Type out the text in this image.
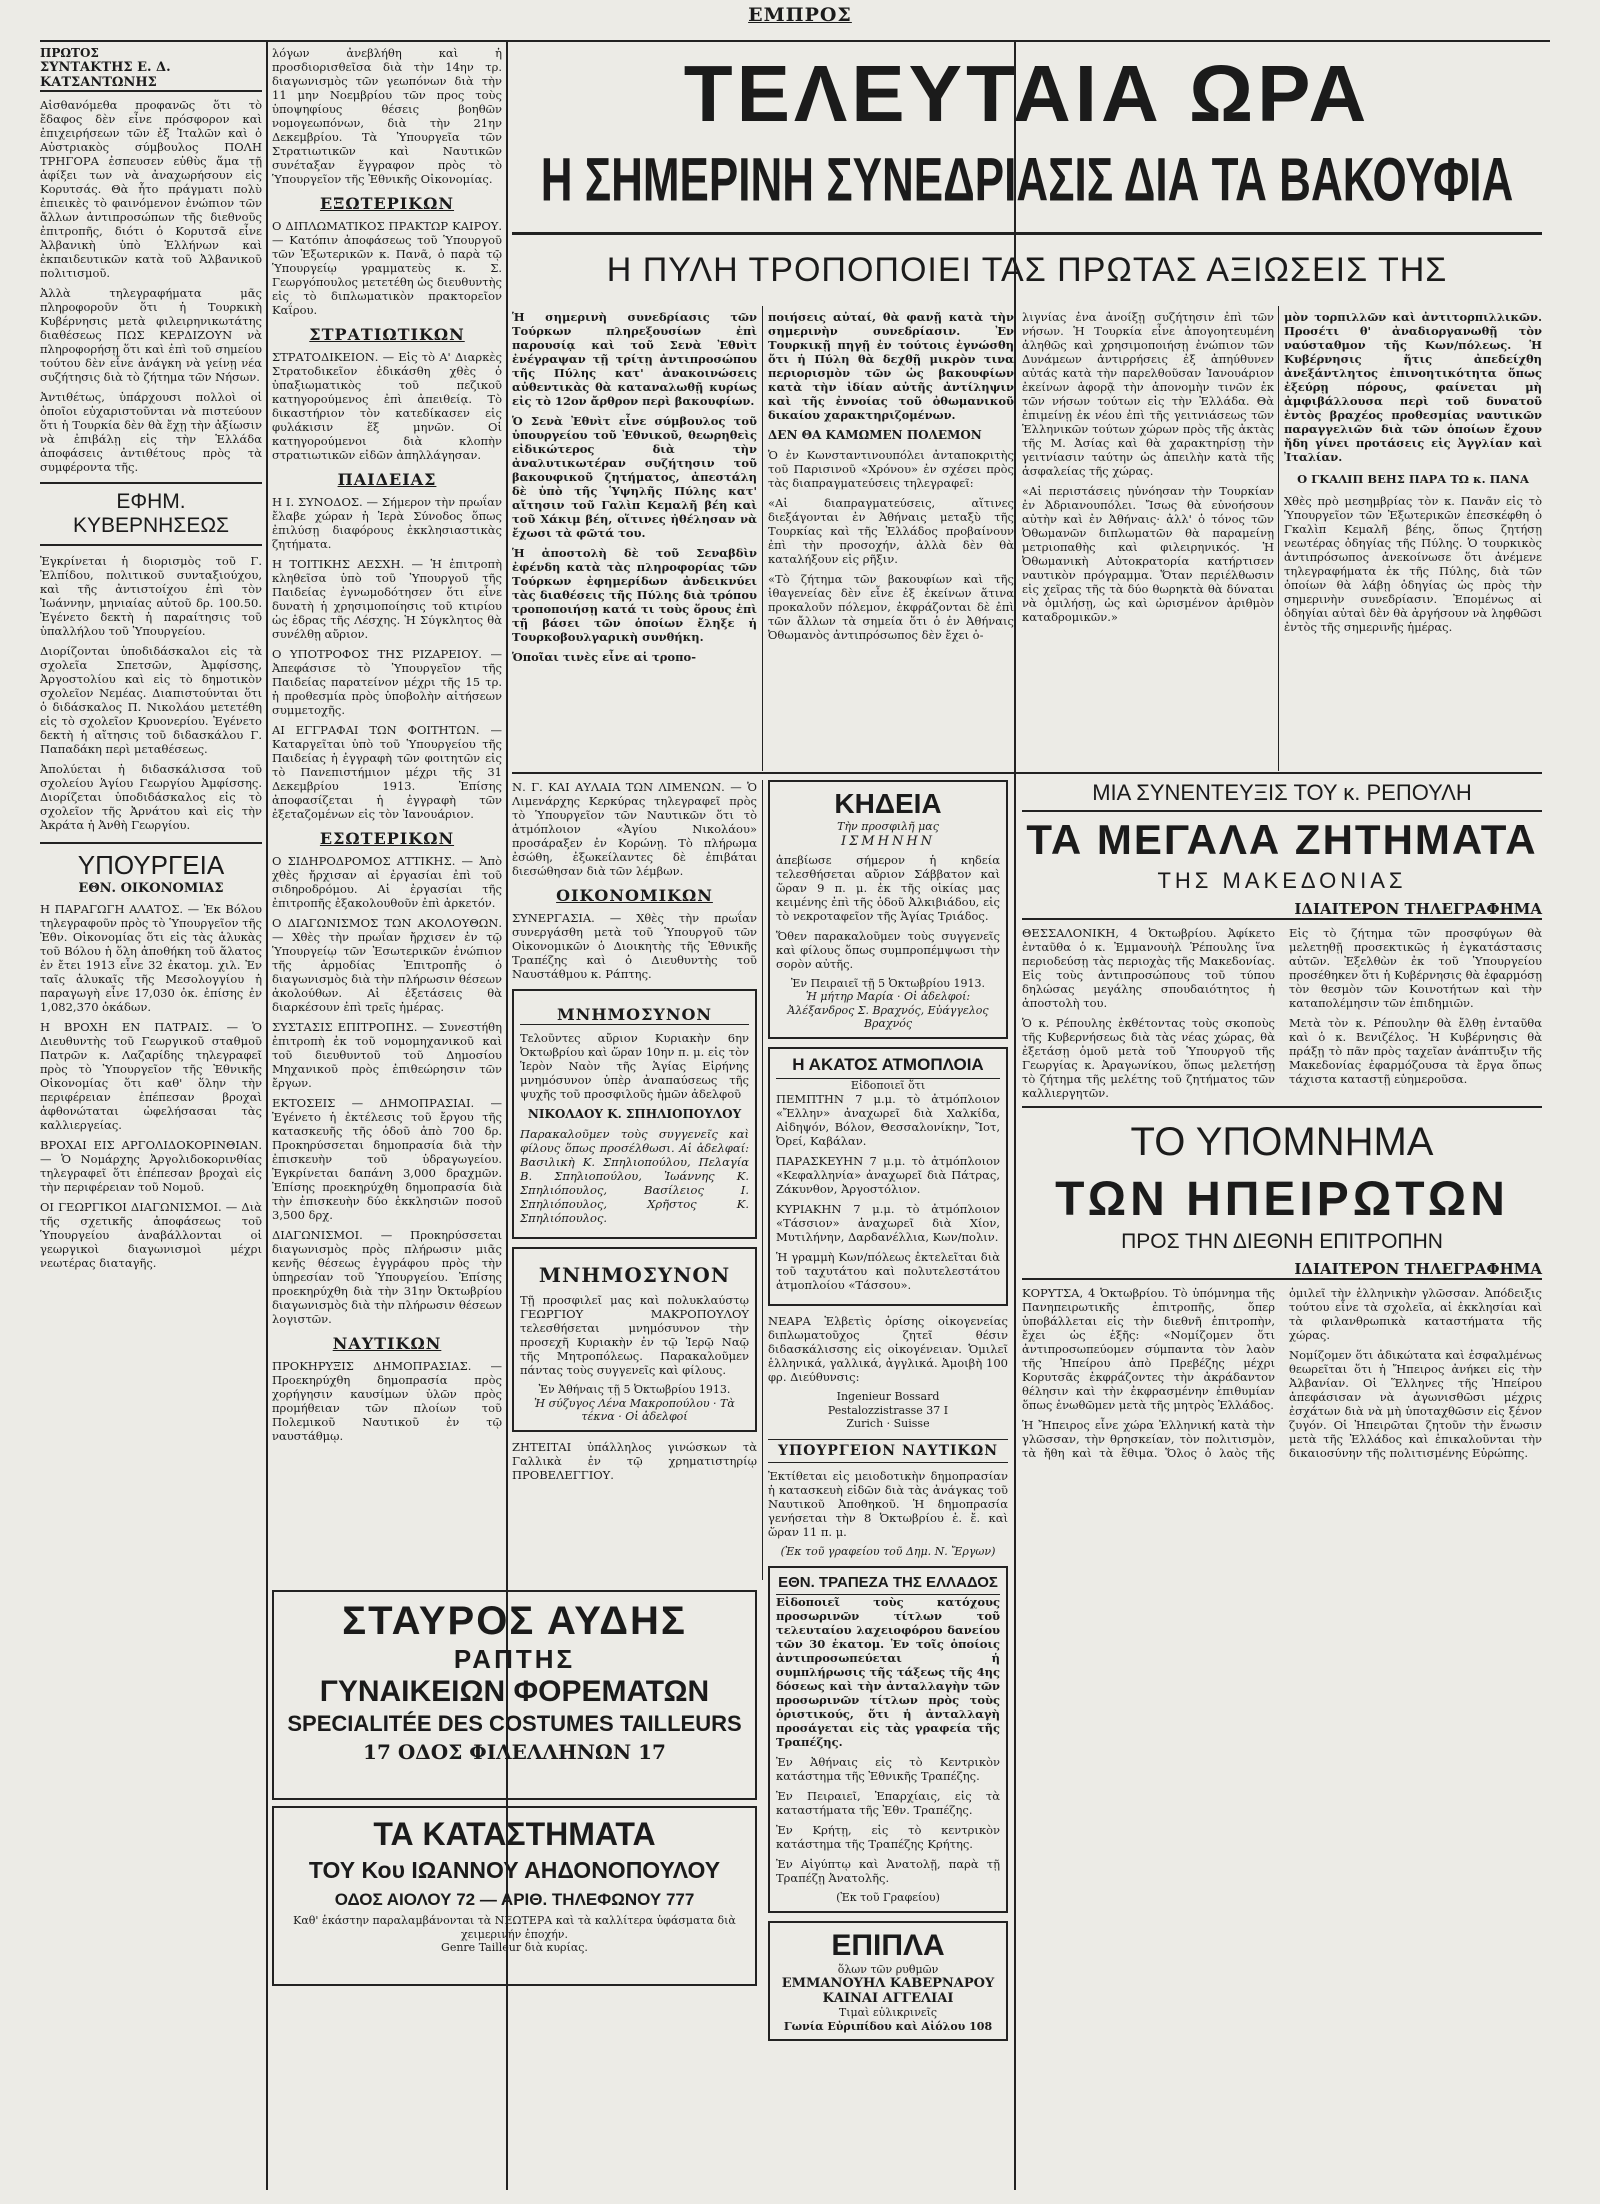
ΕΜΠΡΟΣ
ΠΡΩΤΟΣ
ΣΥΝΤΑΚΤΗΣ Ε. Δ. ΚΑΤΣΑΝΤΩΝΗΣ

Αἰσθανόμεθα προφανῶς ὅτι τὸ ἔδαφος δὲν εἶνε πρόσφορον καὶ ἐπιχειρήσεων τῶν ἐξ Ἰταλῶν καὶ ὁ Αὐστριακὸς σύμβουλος ΠΟΛΗ ΤΡΗΓΟΡΑ ἐσπευσεν εὐθὺς ἅμα τῇ ἀφίξει των νὰ ἀναχωρήσουν εἰς Κορυτσάς. Θὰ ἦτο πράγματι πολὺ ἐπιεικὲς τὸ φαινόμενον ἐνώπιον τῶν ἄλλων ἀντιπροσώπων τῆς διεθνοῦς ἐπιτροπῆς, διότι ὁ Κορυτσᾶ εἶνε Ἀλβανικὴ ὑπὸ Ἑλλήνων καὶ ἐκπαιδευτικῶν κατὰ τοῦ Ἀλβανικοῦ πολιτισμοῦ.

Ἀλλὰ τηλεγραφήματα μᾶς πληροφοροῦν ὅτι ἡ Τουρκικὴ Κυβέρνησις μετὰ φιλειρηνικωτάτης διαθέσεως ΠΩΣ ΚΕΡΔΙΖΟΥΝ νὰ πληροφορήσῃ ὅτι καὶ ἐπὶ τοῦ σημείου τούτου δὲν εἶνε ἀνάγκη νὰ γείνῃ νέα συζήτησις διὰ τὸ ζήτημα τῶν Νήσων.

Ἀντιθέτως, ὑπάρχουσι πολλοὶ οἱ ὁποῖοι εὐχαριστοῦνται νὰ πιστεύουν ὅτι ἡ Τουρκία δὲν θὰ ἔχῃ τὴν ἀξίωσιν νὰ ἐπιβάλῃ εἰς τὴν Ἑλλάδα ἀποφάσεις ἀντιθέτους πρὸς τὰ συμφέροντα τῆς.

ΕΦΗΜ. ΚΥΒΕΡΝΗΣΕΩΣ

Ἐγκρίνεται ἡ διορισμὸς τοῦ Γ. Ἐλπίδου, πολιτικοῦ συνταξιούχου, καὶ τῆς ἀντιστοίχου ἐπὶ τὸν Ἰωάννην, μηνιαίας αὐτοῦ δρ. 100.50. Ἐγένετο δεκτὴ ἡ παραίτησις τοῦ ὑπαλλήλου τοῦ Ὑπουργείου.

Διορίζονται ὑποδιδάσκαλοι εἰς τὰ σχολεῖα Σπετσῶν, Ἀμφίσσης, Ἀργοστολίου καὶ εἰς τὸ δημοτικὸν σχολεῖον Νεμέας. Διαπιστούνται ὅτι ὁ διδάσκαλος Π. Νικολάου μετετέθη εἰς τὸ σχολεῖον Κρυονερίου. Ἐγένετο δεκτὴ ἡ αἴτησις τοῦ διδασκάλου Γ. Παπαδάκη περὶ μεταθέσεως.

Ἀπολύεται ἡ διδασκάλισσα τοῦ σχολείου Ἁγίου Γεωργίου Ἀμφίσσης. Διορίζεται ὑποδιδάσκαλος εἰς τὸ σχολεῖον τῆς Ἀρνάτου καὶ εἰς τὴν Ἀκράτα ἡ Ἀνθὴ Γεωργίου.

ΥΠΟΥΡΓΕΙΑ
ΕΘΝ. ΟΙΚΟΝΟΜΙΑΣ

Η ΠΑΡΑΓΩΓΗ ΑΛΑΤΟΣ. — Ἐκ Βόλου τηλεγραφοῦν πρὸς τὸ Ὑπουργεῖον τῆς Ἐθν. Οἰκονομίας ὅτι εἰς τὰς ἁλυκὰς τοῦ Βόλου ἡ ὅλη ἀποθήκη τοῦ ἅλατος ἐν ἔτει 1913 εἶνε 32 ἐκατομ. χιλ. Ἐν ταῖς ἁλυκαῖς τῆς Μεσολογγίου ἡ παραγωγὴ εἶνε 17,030 ὀκ. ἐπίσης ἐν 1,082,370 ὀκάδων.

Η ΒΡΟΧΗ ΕΝ ΠΑΤΡΑΙΣ. — Ὁ Διευθυντὴς τοῦ Γεωργικοῦ σταθμοῦ Πατρῶν κ. Λαζαρίδης τηλεγραφεῖ πρὸς τὸ Ὑπουργεῖον τῆς Ἐθνικῆς Οἰκονομίας ὅτι καθ' ὅλην τὴν περιφέρειαν ἐπέπεσαν βροχαὶ ἀφθονώταται ὠφελήσασαι τὰς καλλιεργείας.

ΒΡΟΧΑΙ ΕΙΣ ΑΡΓΟΛΙΔΟΚΟΡΙΝΘΙΑΝ. — Ὁ Νομάρχης Ἀργολιδοκορινθίας τηλεγραφεῖ ὅτι ἐπέπεσαν βροχαὶ εἰς τὴν περιφέρειαν τοῦ Νομοῦ.

ΟΙ ΓΕΩΡΓΙΚΟΙ ΔΙΑΓΩΝΙΣΜΟΙ. — Διὰ τῆς σχετικῆς ἀποφάσεως τοῦ Ὑπουργείου ἀναβάλλονται οἱ γεωργικοὶ διαγωνισμοὶ μέχρι νεωτέρας διαταγῆς.

λόγων ἀνεβλήθη καὶ ἡ προσδιορισθεῖσα διὰ τὴν 14ην τρ. διαγωνισμὸς τῶν γεωπόνων διὰ τὴν 11 μην Νοεμβρίου τῶν προς τοὺς ὑποψηφίους θέσεις βοηθῶν νομογεωπόνων, διὰ τὴν 21ην Δεκεμβρίου. Τὰ Ὑπουργεῖα τῶν Στρατιωτικῶν καὶ Ναυτικῶν συνέταξαν ἔγγραφον πρὸς τὸ Ὑπουργεῖον τῆς Ἐθνικῆς Οἰκονομίας.

ΕΞΩΤΕΡΙΚΩΝ

Ο ΔΙΠΛΩΜΑΤΙΚΟΣ ΠΡΑΚΤΩΡ ΚΑΙΡΟΥ. — Κατόπιν ἀποφάσεως τοῦ Ὑπουργοῦ τῶν Ἐξωτερικῶν κ. Πανᾶ, ὁ παρὰ τῷ Ὑπουργείῳ γραμματεὺς κ. Σ. Γεωργόπουλος μετετέθη ὡς διευθυντὴς εἰς τὸ διπλωματικὸν πρακτορεῖον Καΐρου.

ΣΤΡΑΤΙΩΤΙΚΩΝ

ΣΤΡΑΤΟΔΙΚΕΙΟΝ. — Εἰς τὸ Α' Διαρκὲς Στρατοδικεῖον ἐδικάσθη χθὲς ὁ ὑπαξιωματικὸς τοῦ πεζικοῦ κατηγορούμενος ἐπὶ ἀπειθείᾳ. Τὸ δικαστήριον τὸν κατεδίκασεν εἰς φυλάκισιν ἕξ μηνῶν. Οἱ κατηγορούμενοι διὰ κλοπὴν στρατιωτικῶν εἰδῶν ἀπηλλάγησαν.

ΠΑΙΔΕΙΑΣ

Η Ι. ΣΥΝΟΔΟΣ. — Σήμερον τὴν πρωΐαν ἔλαβε χώραν ἡ Ἱερὰ Σύνοδος ὅπως ἐπιλύσῃ διαφόρους ἐκκλησιαστικὰς ζητήματα.

Η ΤΟΙΤΙΚΗΣ ΑΕΣΧΗ. — Ἡ ἐπιτροπὴ κληθεῖσα ὑπὸ τοῦ Ὑπουργοῦ τῆς Παιδείας ἐγνωμοδότησεν ὅτι εἶνε δυνατὴ ἡ χρησιμοποίησις τοῦ κτιρίου ὡς ἑδρας τῆς Λέσχης. Ἡ Σύγκλητος θὰ συνέλθῃ αὔριον.

Ο ΥΠΟΤΡΟΦΟΣ ΤΗΣ ΡΙΖΑΡΕΙΟΥ. — Ἀπεφάσισε τὸ Ὑπουργεῖον τῆς Παιδείας παρατείνον μέχρι τῆς 15 τρ. ἡ προθεσμία πρὸς ὑποβολὴν αἰτήσεων συμμετοχῆς.

ΑΙ ΕΓΓΡΑΦΑΙ ΤΩΝ ΦΟΙΤΗΤΩΝ. — Καταργεῖται ὑπὸ τοῦ Ὑπουργείου τῆς Παιδείας ἡ ἐγγραφὴ τῶν φοιτητῶν εἰς τὸ Πανεπιστήμιον μέχρι τῆς 31 Δεκεμβρίου 1913. Ἐπίσης ἀποφασίζεται ἡ ἐγγραφὴ τῶν ἐξεταζομένων εἰς τὸν Ἰανουάριον.

ΕΣΩΤΕΡΙΚΩΝ

Ο ΣΙΔΗΡΟΔΡΟΜΟΣ ΑΤΤΙΚΗΣ. — Ἀπὸ χθὲς ἤρχισαν αἱ ἐργασίαι ἐπὶ τοῦ σιδηροδρόμου. Αἱ ἐργασίαι τῆς ἐπιτροπῆς ἐξακολουθοῦν ἐπὶ ἀρκετόν.

Ο ΔΙΑΓΩΝΙΣΜΟΣ ΤΩΝ ΑΚΟΛΟΥΘΩΝ. — Χθὲς τὴν πρωΐαν ἤρχισεν ἐν τῷ Ὑπουργείῳ τῶν Ἐσωτερικῶν ἐνώπιον τῆς ἀρμοδίας Ἐπιτροπῆς ὁ διαγωνισμὸς διὰ τὴν πλήρωσιν θέσεων ἀκολούθων. Αἱ ἐξετάσεις θὰ διαρκέσουν ἐπὶ τρεῖς ἡμέρας.

ΣΥΣΤΑΣΙΣ ΕΠΙΤΡΟΠΗΣ. — Συνεστήθη ἐπιτροπὴ ἐκ τοῦ νομομηχανικοῦ καὶ τοῦ διευθυντοῦ τοῦ Δημοσίου Μηχανικοῦ πρὸς ἐπιθεώρησιν τῶν ἔργων.

ΕΚΤΟΣΕΙΣ — ΔΗΜΟΠΡΑΣΙΑΙ. — Ἐγένετο ἡ ἐκτέλεσις τοῦ ἔργου τῆς κατασκευῆς τῆς ὁδοῦ ἀπὸ 700 δρ. Προκηρύσσεται δημοπρασία διὰ τὴν ἐπισκευὴν τοῦ ὑδραγωγείου. Ἐγκρίνεται δαπάνη 3,000 δραχμῶν. Ἐπίσης προεκηρύχθη δημοπρασία διὰ τὴν ἐπισκευὴν δύο ἐκκλησιῶν ποσοῦ 3,500 δρχ.

ΔΙΑΓΩΝΙΣΜΟΙ. — Προκηρύσσεται διαγωνισμὸς πρὸς πλήρωσιν μιᾶς κενῆς θέσεως ἐγγράφου πρὸς τὴν ὑπηρεσίαν τοῦ Ὑπουργείου. Ἐπίσης προεκηρύχθη διὰ τὴν 31ην Ὀκτωβρίου διαγωνισμὸς διὰ τὴν πλήρωσιν θέσεων λογιστῶν.

ΝΑΥΤΙΚΩΝ

ΠΡΟΚΗΡΥΞΙΣ ΔΗΜΟΠΡΑΣΙΑΣ. — Προεκηρύχθη δημοπρασία πρὸς χορήγησιν καυσίμων ὑλῶν πρὸς προμήθειαν τῶν πλοίων τοῦ Πολεμικοῦ Ναυτικοῦ ἐν τῷ ναυστάθμῳ.

ΤΕΛΕΥΤΑΙΑ ΩΡΑ
Η ΣΗΜΕΡΙΝΗ ΣΥΝΕΔΡΙΑΣΙΣ ΔΙΑ ΤΑ ΒΑΚΟΥΦΙΑ
Η ΠΥΛΗ ΤΡΟΠΟΠΟΙΕΙ ΤΑΣ ΠΡΩΤΑΣ ΑΞΙΩΣΕΙΣ ΤΗΣ

Ἡ σημερινὴ συνεδρίασις τῶν Τούρκων πληρεξουσίων ἐπὶ παρουσίᾳ καὶ τοῦ Σενὰ Ἐθνὶτ ἐνέγραψαν τῇ τρίτῃ ἀντιπροσώπου τῆς Πύλης κατ' ἀνακοινώσεις αὐθεντικὰς θὰ καταναλωθῇ κυρίως εἰς τὸ 12ον ἄρθρον περὶ βακουφίων.

Ὁ Σενὰ Ἐθνὶτ εἶνε σύμβουλος τοῦ ὑπουργείου τοῦ Ἐθνικοῦ, θεωρηθεὶς εἰδικώτερος διὰ τὴν ἀναλυτικωτέραν συζήτησιν τοῦ βακουφικοῦ ζητήματος, ἀπεστάλη δὲ ὑπὸ τῆς Ὑψηλῆς Πύλης κατ' αἴτησιν τοῦ Γαλὶπ Κεμαλῆ βέη καὶ τοῦ Χάκιμ βέη, οἵτινες ἠθέλησαν νὰ ἔχωσι τὰ φῶτά του.

Ἡ ἀποστολὴ δὲ τοῦ Σεναβδὶν ἐφένδη κατὰ τὰς πληροφορίας τῶν Τούρκων ἐφημερίδων ἀνδεικνύει τὰς διαθέσεις τῆς Πύλης διὰ τρόπου τροποποιήσῃ κατά τι τοὺς ὅρους ἐπὶ τῇ βάσει τῶν ὁποίων ἔληξε ἡ Τουρκοβουλγαρικὴ συνθήκη.

Ὁποῖαι τινὲς εἶνε αἱ τροπο-

ποιήσεις αὐταί, θὰ φανῇ κατὰ τὴν σημερινὴν συνεδρίασιν. Ἐν Τουρκικῇ πηγῇ ἐν τούτοις ἐγνώσθη ὅτι ἡ Πύλη θὰ δεχθῇ μικρὸν τινα περιορισμὸν τῶν ὡς βακουφίων κατὰ τὴν ἰδίαν αὐτῆς ἀντίληψιν καὶ τῆς ἐννοίας τοῦ ὀθωμανικοῦ δικαίου χαρακτηριζομένων.

ΔΕΝ ΘΑ ΚΑΜΩΜΕΝ ΠΟΛΕΜΟΝ

Ὁ ἐν Κωνσταντινουπόλει ἀνταποκριτὴς τοῦ Παρισινοῦ «Χρόνου» ἐν σχέσει πρὸς τὰς διαπραγματεύσεις τηλεγραφεῖ:

«Αἱ διαπραγματεύσεις, αἵτινες διεξάγονται ἐν Ἀθήναις μεταξὺ τῆς Τουρκίας καὶ τῆς Ἑλλάδος προβαίνουν ἐπὶ τὴν προσοχήν, ἀλλὰ δὲν θὰ καταλήξουν εἰς ρῆξιν.

«Τὸ ζήτημα τῶν βακουφίων καὶ τῆς ἰθαγενείας δὲν εἶνε ἐξ ἐκείνων ἅτινα προκαλοῦν πόλεμον, ἐκφράζονται δὲ ἐπὶ τῶν ἄλλων τὰ σημεία ὅτι ὁ ἐν Ἀθήναις Ὀθωμανὸς ἀντιπρόσωπος δὲν ἔχει ὁ-

λιγνίας ἐνα ἀνοίξῃ συζήτησιν ἐπὶ τῶν νήσων. Ἡ Τουρκία εἶνε ἀπογοητευμένη ἀληθῶς καὶ χρησιμοποιήσῃ ἐνώπιον τῶν Δυνάμεων ἀντιρρήσεις ἐξ ἀπηύθυνεν αὐτάς κατὰ τὴν παρελθοῦσαν Ἰανουάριον ἐκείνων ἀφορᾷ τὴν ἀπονομὴν τινῶν ἐκ τῶν νήσων τούτων εἰς τὴν Ἑλλάδα. Θὰ ἐπιμείνῃ ἐκ νέου ἐπὶ τῆς γειτνιάσεως τῶν Ἑλληνικῶν τούτων χώρων πρὸς τῆς ἀκτὰς τῆς Μ. Ἀσίας καὶ θὰ χαρακτηρίσῃ τὴν γειτνίασιν ταύτην ὡς ἀπειλὴν κατὰ τῆς ἀσφαλείας τῆς χώρας.

«Αἱ περιστάσεις ηὐνόησαν τὴν Τουρκίαν ἐν Ἀδριανουπόλει. Ἴσως θὰ εὐνοήσουν αὐτὴν καὶ ἐν Ἀθήναις· ἀλλ' ὁ τόνος τῶν Ὀθωμανῶν διπλωματῶν θὰ παραμείνῃ μετριοπαθὴς καὶ φιλειρηνικός. Ἡ Ὀθωμανικὴ Αὐτοκρατορία κατήρτισεν ναυτικὸν πρόγραμμα. Ὅταν περιέλθωσιν εἰς χεῖρας τῆς τὰ δύο θωρηκτὰ θὰ δύναται νὰ ὁμιλήσῃ, ὡς καὶ ὡρισμένον ἀριθμὸν καταδρομικῶν.»

μὸν τορπιλλῶν καὶ ἀντιτορπιλλικῶν. Προσέτι θ' ἀναδιοργανωθῇ τὸν ναύσταθμον τῆς Κων/πόλεως. Ἡ Κυβέρνησις ἥτις ἀπεδείχθη ἀνεξάντλητος ἐπινοητικότητα ὅπως ἐξεύρῃ πόρους, φαίνεται μὴ ἀμφιβάλλουσα περὶ τοῦ δυνατοῦ ἐντὸς βραχέος προθεσμίας ναυτικῶν παραγγελιῶν διὰ τῶν ὁποίων ἔχουν ἤδη γίνει προτάσεις εἰς Ἀγγλίαν καὶ Ἰταλίαν.

Ο ΓΚΑΛΙΠ ΒΕΗΣ ΠΑΡΑ ΤΩ κ. ΠΑΝΑ

Χθὲς πρὸ μεσημβρίας τὸν κ. Πανᾶν εἰς τὸ Ὑπουργεῖον τῶν Ἐξωτερικῶν ἐπεσκέφθη ὁ Γκαλὶπ Κεμαλῆ βέης, ὅπως ζητήσῃ νεωτέρας ὁδηγίας τῆς Πύλης. Ὁ τουρκικὸς ἀντιπρόσωπος ἀνεκοίνωσε ὅτι ἀνέμενε τηλεγραφήματα ἐκ τῆς Πύλης, διὰ τῶν ὁποίων θὰ λάβῃ ὁδηγίας ὡς πρὸς τὴν σημερινὴν συνεδρίασιν. Ἐπομένως αἱ ὁδηγίαι αὐταὶ δὲν θὰ ἀργήσουν νὰ ληφθῶσι ἐντὸς τῆς σημερινῆς ἡμέρας.

Ν. Γ. ΚΑΙ ΑΥΛΑΙΑ ΤΩΝ ΛΙΜΕΝΩΝ. — Ὁ Λιμενάρχης Κερκύρας τηλεγραφεῖ πρὸς τὸ Ὑπουργεῖον τῶν Ναυτικῶν ὅτι τὸ ἀτμόπλοιον «Ἀγίου Νικολάου» προσάραξεν ἐν Κορώνῃ. Τὸ πλήρωμα ἐσώθη, ἐξωκείλαντες δὲ ἐπιβάται διεσώθησαν διὰ τῶν λέμβων.

ΟΙΚΟΝΟΜΙΚΩΝ

ΣΥΝΕΡΓΑΣΙΑ. — Χθὲς τὴν πρωΐαν συνεργάσθη μετὰ τοῦ Ὑπουργοῦ τῶν Οἰκονομικῶν ὁ Διοικητὴς τῆς Ἐθνικῆς Τραπέζης καὶ ὁ Διευθυντὴς τοῦ Ναυστάθμου κ. Ράπτης.

ΜΝΗΜΟΣΥΝΟΝ

Τελοῦντες αὔριον Κυριακὴν 6ην Ὀκτωβρίου καὶ ὥραν 10ην π. μ. εἰς τὸν Ἱερὸν Ναὸν τῆς Ἁγίας Εἰρήνης μνημόσυνον ὑπὲρ ἀναπαύσεως τῆς ψυχῆς τοῦ προσφιλοῦς ἡμῶν ἀδελφοῦ

ΝΙΚΟΛΑΟΥ Κ. ΣΠΗΛΙΟΠΟΥΛΟΥ

Παρακαλοῦμεν τοὺς συγγενεῖς καὶ φίλους ὅπως προσέλθωσι. Αἱ ἀδελφαί: Βασιλικὴ Κ. Σπηλιοπούλου, Πελαγία Β. Σπηλιοπούλου, Ἰωάννης Κ. Σπηλιόπουλος, Βασίλειος Ι. Σπηλιόπουλος, Χρῆστος Κ. Σπηλιόπουλος.

ΜΝΗΜΟΣΥΝΟΝ

Τῇ προσφιλεῖ μας καὶ πολυκλαύστῳ ΓΕΩΡΓΙΟΥ ΜΑΚΡΟΠΟΥΛΟΥ τελεσθήσεται μνημόσυνον τὴν προσεχῆ Κυριακὴν ἐν τῷ Ἱερῷ Ναῷ τῆς Μητροπόλεως. Παρακαλοῦμεν πάντας τοὺς συγγενεῖς καὶ φίλους.

Ἐν Ἀθήναις τῇ 5 Ὀκτωβρίου 1913.
Ἡ σύζυγος Λένα Μακροπούλου · Τὰ τέκνα · Οἱ ἀδελφοί

ΖΗΤΕΙΤΑΙ ὑπάλληλος γινώσκων τὰ Γαλλικὰ ἐν τῷ χρηματιστηρίῳ ΠΡΟΒΕΛΕΓΓΙΟΥ.

ΚΗΔΕΙΑ
Τὴν προσφιλῆ μας
ΙΣΜΗΝΗΝ

ἀπεβίωσε σήμερον ἡ κηδεία τελεσθήσεται αὔριον Σάββατον καὶ ὥραν 9 π. μ. ἐκ τῆς οἰκίας μας κειμένης ἐπὶ τῆς ὁδοῦ Ἀλκιβιάδου, εἰς τὸ νεκροταφεῖον τῆς Ἁγίας Τριάδος.

Ὅθεν παρακαλοῦμεν τοὺς συγγενεῖς καὶ φίλους ὅπως συμπροπέμψωσι τὴν σορὸν αὐτῆς.

Ἐν Πειραιεῖ τῇ 5 Ὀκτωβρίου 1913.
Ἡ μήτηρ Μαρία · Οἱ ἀδελφοί: Ἀλέξανδρος Σ. Βραχνός, Εὐάγγελος Βραχνός
Η ΑΚΑΤΟΣ ΑΤΜΟΠΛΟΙΑ
Εἰδοποιεῖ ὅτι

ΠΕΜΠΤΗΝ 7 μ.μ. τὸ ἀτμόπλοιον «Ἔλλην» ἀναχωρεῖ διὰ Χαλκίδα, Αἰδηψόν, Βόλον, Θεσσαλονίκην, Ἴοτ, Ὀρεί, Καβάλαν.

ΠΑΡΑΣΚΕΥΗΝ 7 μ.μ. τὸ ἀτμόπλοιον «Κεφαλληνία» ἀναχωρεῖ διὰ Πάτρας, Ζάκυνθον, Ἀργοστόλιον.

ΚΥΡΙΑΚΗΝ 7 μ.μ. τὸ ἀτμόπλοιον «Τάσσιον» ἀναχωρεῖ διὰ Χίον, Μυτιλήνην, Δαρδανέλλια, Κων/πολιν.

Ἡ γραμμὴ Κων/πόλεως ἐκτελεῖται διὰ τοῦ ταχυτάτου καὶ πολυτελεστάτου ἀτμοπλοίου «Τάσσου».

ΝΕΑΡΑ Ἑλβετὶς ὁρίσης οἰκογενείας διπλωματοῦχος ζητεῖ θέσιν διδασκάλισσης εἰς οἰκογένειαν. Ὁμιλεῖ ἑλληνικά, γαλλικά, ἀγγλικά. Ἀμοιβὴ 100 φρ. Διεύθυνσις:

Ingenieur Bossard
Pestalozzistrasse 37 I
Zurich · Suisse
ΥΠΟΥΡΓΕΙΟΝ ΝΑΥΤΙΚΩΝ

Ἐκτίθεται εἰς μειοδοτικὴν δημοπρασίαν ἡ κατασκευὴ εἰδῶν διὰ τὰς ἀνάγκας τοῦ Ναυτικοῦ Ἀποθηκοῦ. Ἡ δημοπρασία γενήσεται τὴν 8 Ὀκτωβρίου ἐ. ἔ. καὶ ὥραν 11 π. μ.

(Ἐκ τοῦ γραφείου τοῦ Δημ. Ν. Ἔργων)
ΕΘΝ. ΤΡΑΠΕΖΑ ΤΗΣ ΕΛΛΑΔΟΣ

Εἰδοποιεῖ τοὺς κατόχους προσωρινῶν τίτλων τοῦ τελευταίου λαχειοφόρου δανείου τῶν 30 ἑκατομ. Ἐν τοῖς ὁποίοις ἀντιπροσωπεύεται ἡ συμπλήρωσις τῆς τάξεως τῆς 4ης δόσεως καὶ τὴν ἀνταλλαγὴν τῶν προσωρινῶν τίτλων πρὸς τοὺς ὁριστικούς, ὅτι ἡ ἀνταλλαγὴ προσάγεται εἰς τὰς γραφεία τῆς Τραπέζης.

Ἐν Ἀθήναις εἰς τὸ Κεντρικὸν κατάστημα τῆς Ἐθνικῆς Τραπέζης.

Ἐν Πειραιεῖ, Ἐπαρχίαις, εἰς τὰ καταστήματα τῆς Ἐθν. Τραπέζης.

Ἐν Κρήτῃ, εἰς τὸ κεντρικὸν κατάστημα τῆς Τραπέζης Κρήτης.

Ἐν Αἰγύπτῳ καὶ Ἀνατολῇ, παρὰ τῇ Τραπέζῃ Ἀνατολῆς.

(Ἐκ τοῦ Γραφείου)
ΕΠΙΠΛΑ
ὅλων τῶν ρυθμῶν
ΕΜΜΑΝΟΥΗΛ ΚΑΒΕΡΝΑΡΟΥ
ΚΑΙΝΑΙ ΑΓΓΕΛΙΑΙ
Τιμαὶ εὐλικρινεῖς
Γωνία Εὐριπίδου καὶ Αἰόλου 108
ΣΤΑΥΡΟΣ ΑΥΔΗΣ
ΡΑΠΤΗΣ
ΓΥΝΑΙΚΕΙΩΝ ΦΟΡΕΜΑΤΩΝ
SPECIALITÉE DES COSTUMES TAILLEURS
17 ΟΔΟΣ ΦΙΛΕΛΛΗΝΩΝ 17
ΤΑ ΚΑΤΑΣΤΗΜΑΤΑ
ΤΟΥ Κου ΙΩΑΝΝΟΥ ΑΗΔΟΝΟΠΟΥΛΟΥ
ΟΔΟΣ ΑΙΟΛΟΥ 72 — ΑΡΙΘ. ΤΗΛΕΦΩΝΟΥ 777
Καθ' ἑκάστην παραλαμβάνονται τὰ ΝΕΩΤΕΡΑ καὶ τὰ καλλίτερα ὑφάσματα διὰ χειμερινήν ἐποχήν.
Genre Tailleur διὰ κυρίας.
ΜΙΑ ΣΥΝΕΝΤΕΥΞΙΣ ΤΟΥ κ. ΡΕΠΟΥΛΗ
ΤΑ ΜΕΓΑΛΑ ΖΗΤΗΜΑΤΑ
ΤΗΣ ΜΑΚΕΔΟΝΙΑΣ
ΙΔΙΑΙΤΕΡΟΝ ΤΗΛΕΓΡΑΦΗΜΑ

ΘΕΣΣΑΛΟΝΙΚΗ, 4 Ὀκτωβρίου. Ἀφίκετο ἐνταῦθα ὁ κ. Ἐμμανουὴλ Ῥέπουλης ἵνα περιοδεύσῃ τὰς περιοχὰς τῆς Μακεδονίας. Εἰς τοὺς ἀντιπροσώπους τοῦ τύπου δηλώσας μεγάλης σπουδαιότητος ἡ ἀποστολὴ του.

Ὁ κ. Ρέπουλης ἐκθέτοντας τοὺς σκοποὺς τῆς Κυβερνήσεως διὰ τὰς νέας χώρας, θὰ ἐξετάσῃ ὁμοῦ μετὰ τοῦ Ὑπουργοῦ τῆς Γεωργίας κ. Ἀραγωνίκου, ὅπως μελετήσῃ τὸ ζήτημα τῆς μελέτης τοῦ ζητήματος τῶν καλλιεργητῶν.

Εἰς τὸ ζήτημα τῶν προσφύγων θὰ μελετηθῇ προσεκτικῶς ἡ ἐγκατάστασις αὐτῶν. Ἐξελθὼν ἐκ τοῦ Ὑπουργείου προσέθηκεν ὅτι ἡ Κυβέρνησις θὰ ἐφαρμόσῃ τὸν θεσμὸν τῶν Κοινοτήτων καὶ τὴν καταπολέμησιν τῶν ἐπιδημιῶν.

Μετὰ τὸν κ. Ρέπουλην θὰ ἔλθῃ ἐνταῦθα καὶ ὁ κ. Βενιζέλος. Ἡ Κυβέρνησις θὰ πράξῃ τὸ πᾶν πρὸς ταχεῖαν ἀνάπτυξιν τῆς Μακεδονίας ἐφαρμόζουσα τὰ ἔργα ὅπως τάχιστα καταστῇ εὐημεροῦσα.

ΤΟ ΥΠΟΜΝΗΜΑ
ΤΩΝ ΗΠΕΙΡΩΤΩΝ
ΠΡΟΣ ΤΗΝ ΔΙΕΘΝΗ ΕΠΙΤΡΟΠΗΝ
ΙΔΙΑΙΤΕΡΟΝ ΤΗΛΕΓΡΑΦΗΜΑ

ΚΟΡΥΤΣΑ, 4 Ὀκτωβρίου. Τὸ ὑπόμνημα τῆς Πανηπειρωτικῆς ἐπιτροπῆς, ὅπερ ὑποβάλλεται εἰς τὴν διεθνῆ ἐπιτροπὴν, ἔχει ὡς ἑξῆς: «Νομίζομεν ὅτι ἀντιπροσωπεύομεν σύμπαντα τὸν λαὸν τῆς Ἠπείρου ἀπὸ Πρεβέζης μέχρι Κορυτσᾶς ἐκφράζοντες τὴν ἀκράδαντον θέλησιν καὶ τὴν ἐκφρασμένην ἐπιθυμίαν ὅπως ἑνωθῶμεν μετὰ τῆς μητρὸς Ἑλλάδος.

Ἡ Ἤπειρος εἶνε χώρα Ἑλληνική κατὰ τὴν γλῶσσαν, τὴν θρησκείαν, τὸν πολιτισμὸν, τὰ ἤθη καὶ τὰ ἔθιμα. Ὅλος ὁ λαὸς τῆς ὁμιλεῖ τὴν ἑλληνικὴν γλῶσσαν. Ἀπόδειξις τούτου εἶνε τὰ σχολεῖα, αἱ ἐκκλησίαι καὶ τὰ φιλανθρωπικὰ καταστήματα τῆς χώρας.

Νομίζομεν ὅτι ἀδικώτατα καὶ ἐσφαλμένως θεωρεῖται ὅτι ἡ Ἤπειρος ἀνήκει εἰς τὴν Ἀλβανίαν. Οἱ Ἕλληνες τῆς Ἠπείρου ἀπεφάσισαν νὰ ἀγωνισθῶσι μέχρις ἐσχάτων διὰ νὰ μὴ ὑποταχθῶσιν εἰς ξένον ζυγόν. Οἱ Ἠπειρῶται ζητοῦν τὴν ἕνωσιν μετὰ τῆς Ἑλλάδος καὶ ἐπικαλοῦνται τὴν δικαιοσύνην τῆς πολιτισμένης Εὐρώπης.
